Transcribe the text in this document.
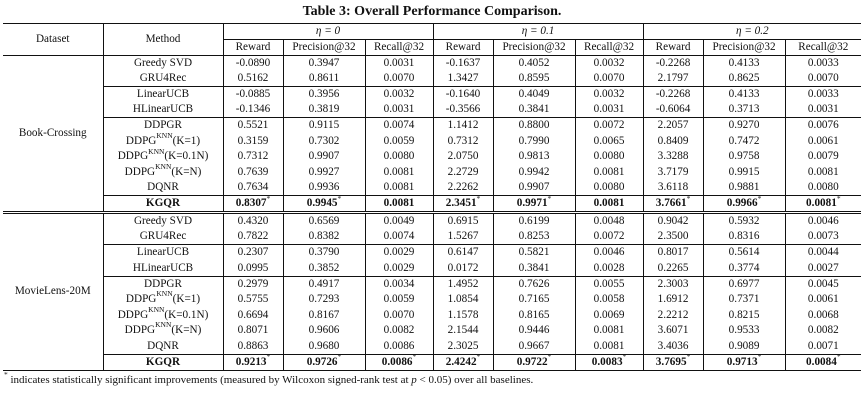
Table 3: Overall Performance Comparison.
Dataset	Method	η = 0			η = 0.1			η = 0.2		
		Reward	Precision@32	Recall@32	Reward	Precision@32	Recall@32	Reward	Precision@32	Recall@32
Book-Crossing	Greedy SVD	-0.0890	0.3947	0.0031	-0.1637	0.4052	0.0032	-0.2268	0.4133	0.0033
	GRU4Rec	0.5162	0.8611	0.0070	1.3427	0.8595	0.0070	2.1797	0.8625	0.0070
	LinearUCB	-0.0885	0.3956	0.0032	-0.1640	0.4049	0.0032	-0.2268	0.4133	0.0033
	HLinearUCB	-0.1346	0.3819	0.0031	-0.3566	0.3841	0.0031	-0.6064	0.3713	0.0031
	DDPGR	0.5521	0.9115	0.0074	1.1412	0.8800	0.0072	2.2057	0.9270	0.0076
	$DDPG^{KNN}(K=1)$	0.3159	0.7302	0.0059	0.7312	0.7990	0.0065	0.8409	0.7472	0.0061
	$DDPG^{KNN}(K=0.1N)$	0.7312	0.9907	0.0080	2.0750	0.9813	0.0080	3.3288	0.9758	0.0079
	$DDPG^{KNN}(K=N)$	0.7639	0.9927	0.0081	2.2729	0.9942	0.0081	3.7179	0.9915	0.0081
	DQNR	0.7634	0.9936	0.0081	2.2262	0.9907	0.0080	3.6118	0.9881	0.0080
	KGQR	0.8307*	0.9945*	0.0081	2.3451*	0.9971*	0.0081	3.7661*	0.9966*	0.0081*
MovieLens-20M	Greedy SVD	0.4320	0.6569	0.0049	0.6915	0.6199	0.0048	0.9042	0.5932	0.0046
	GRU4Rec	0.7822	0.8382	0.0074	1.5267	0.8253	0.0072	2.3500	0.8316	0.0073
	LinearUCB	0.2307	0.3790	0.0029	0.6147	0.5821	0.0046	0.8017	0.5614	0.0044
	HLinearUCB	0.0995	0.3852	0.0029	0.0172	0.3841	0.0028	0.2265	0.3774	0.0027
	DDPGR	0.2979	0.4917	0.0034	1.4952	0.7626	0.0055	2.3003	0.6977	0.0045
	$DDPG^{KNN}(K=1)$	0.5755	0.7293	0.0059	1.0854	0.7165	0.0058	1.6912	0.7371	0.0061
	$DDPG^{KNN}(K=0.1N)$	0.6694	0.8167	0.0070	1.1578	0.8165	0.0069	2.2212	0.8215	0.0068
	$DDPG^{KNN}(K=N)$	0.8071	0.9606	0.0082	2.1544	0.9446	0.0081	3.6071	0.9533	0.0082
	DQNR	0.8863	0.9680	0.0086	2.3025	0.9667	0.0081	3.4036	0.9089	0.0071
	KGQR	0.9213*	0.9726*	0.0086*	2.4242*	0.9722*	0.0083*	3.7695*	0.9713*	0.0084*
* indicates statistically significant improvements (measured by Wilcoxon signed-rank test at p < 0.05) over all baselines.
